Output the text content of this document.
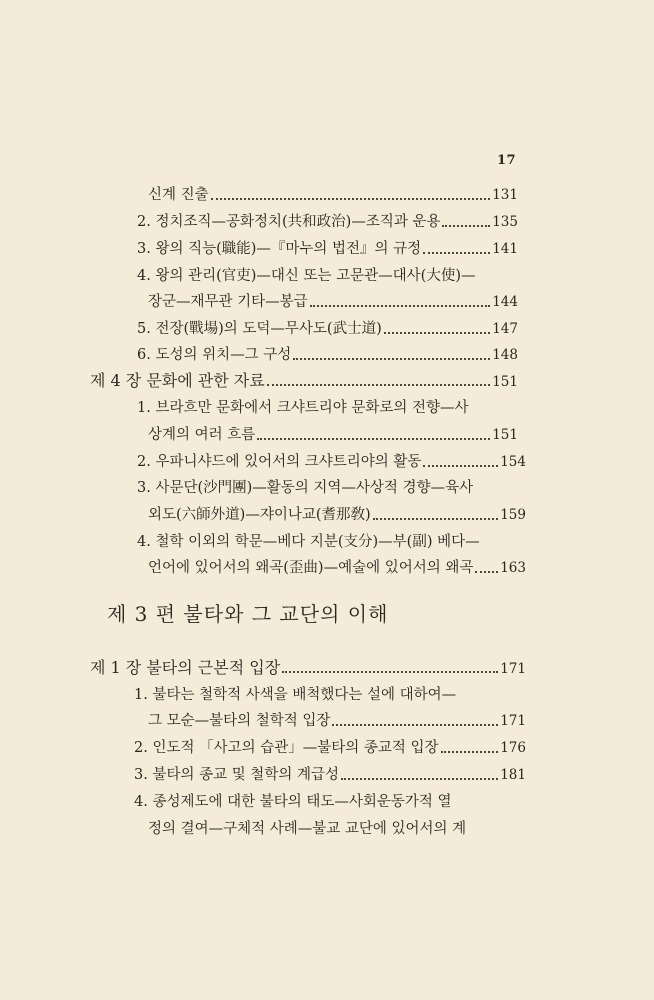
17
신계 진출	131
2. 정치조직—공화정치(共和政治)—조직과 운용	135
3. 왕의 직능(職能)—『마누의 법전』의 규정	141
4. 왕의 관리(官吏)—대신 또는 고문관—대사(大使)—
장군—재무관 기타—봉급	144
5. 전장(戰場)의 도덕—무사도(武士道)	147
6. 도성의 위치—그 구성	148
제 4 장 문화에 관한 자료	151
1. 브라흐만 문화에서 크샤트리야 문화로의 전향—사
상계의 여러 흐름	151
2. 우파니샤드에 있어서의 크샤트리야의 활동	154
3. 사문단(沙門團)—활동의 지역—사상적 경향—육사
외도(六師外道)—쟈이나교(耆那敎)	159
4. 철학 이외의 학문—베다 지분(支分)—부(副) 베다—
언어에 있어서의 왜곡(歪曲)—예술에 있어서의 왜곡 163
제 3 편 불타와 그 교단의 이해
제 1 장 불타의 근본적 입장	171
1. 불타는 철학적 사색을 배척했다는 설에 대하여—
그 모순—불타의 철학적 입장	171
2. 인도적 「사고의 습관」—불타의 종교적 입장	176
3. 불타의 종교 및 철학의 계급성	181
4. 종성제도에 대한 불타의 태도—사회운동가적 열
정의 결여—구체적 사례—불교 교단에 있어서의 계
